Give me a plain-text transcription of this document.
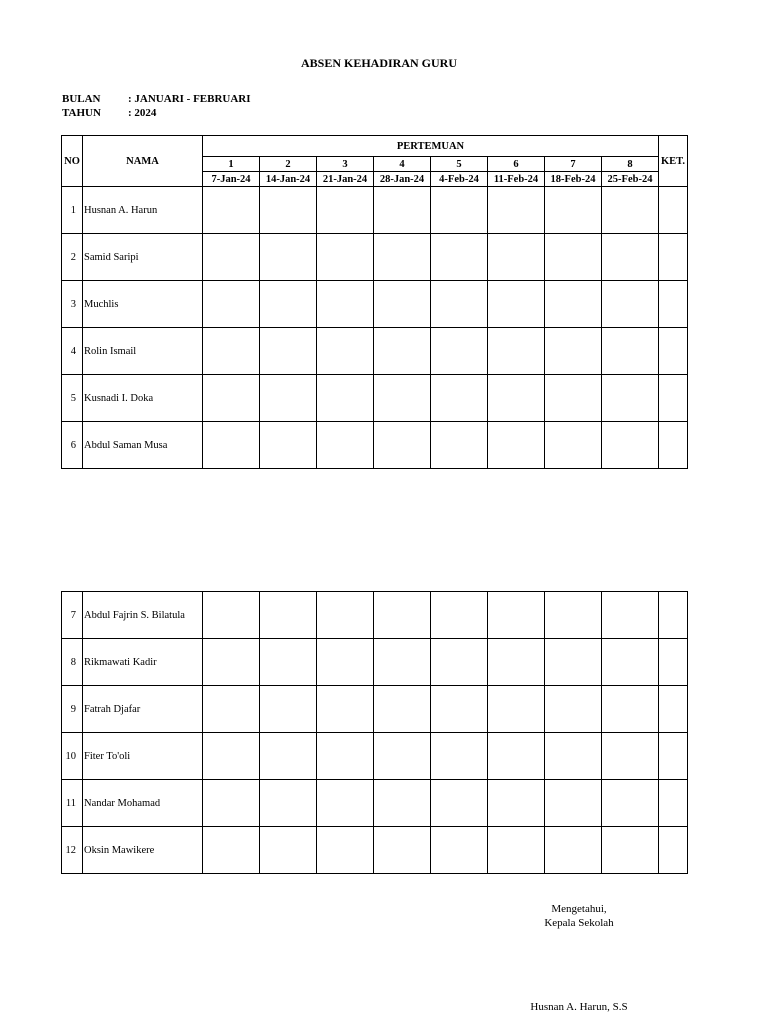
ABSEN KEHADIRAN GURU
BULAN : JANUARI - FEBRUARI
TAHUN : 2024
NO	NAMA	PERTEMUAN								KET.
		1	2	3	4	5	6	7	8	
		7-Jan-24	14-Jan-24	21-Jan-24	28-Jan-24	4-Feb-24	11-Feb-24	18-Feb-24	25-Feb-24	
1	Husnan A. Harun									
2	Samid Saripi									
3	Muchlis									
4	Rolin Ismail									
5	Kusnadi I. Doka									
6	Abdul Saman Musa									
7	Abdul Fajrin S. Bilatula									
8	Rikmawati Kadir									
9	Fatrah Djafar									
10	Fiter To'oli									
11	Nandar Mohamad									
12	Oksin Mawikere									
Mengetahui,
Kepala Sekolah
Husnan A. Harun, S.S
